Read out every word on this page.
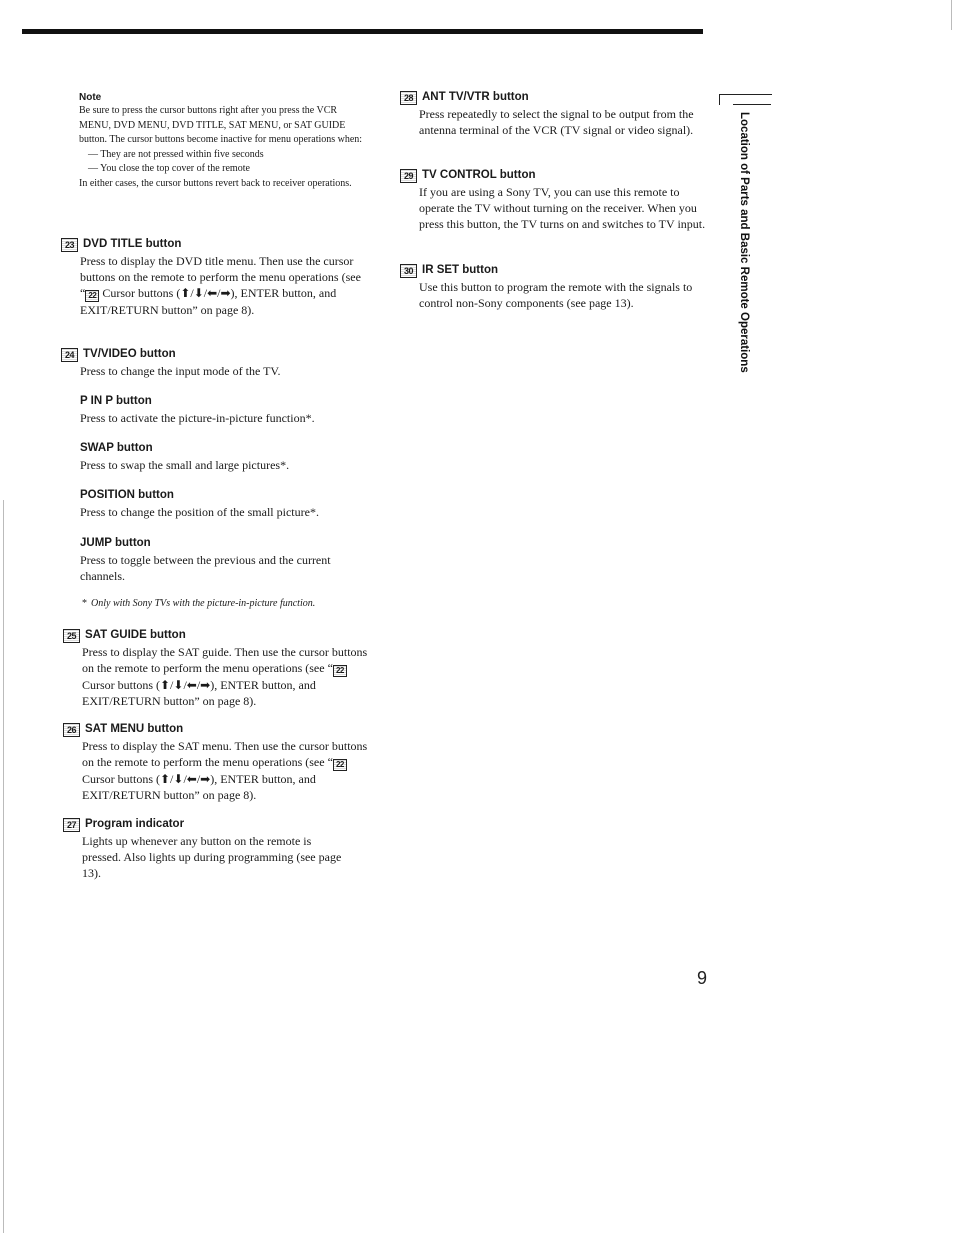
Note

Be sure to press the cursor buttons right after you press the VCR MENU, DVD MENU, DVD TITLE, SAT MENU, or SAT GUIDE button. The cursor buttons become inactive for menu operations when:

— They are not pressed within five seconds
— You close the top cover of the remote

In either cases, the cursor buttons revert back to receiver operations.

23 DVD TITLE button

Press to display the DVD title menu. Then use the cursor buttons on the remote to perform the menu operations (see “ 22 Cursor buttons (⬆/⬇/⬅/➡), ENTER button, and EXIT/RETURN button” on page 8).

24 TV/VIDEO button

Press to change the input mode of the TV.

P IN P button

Press to activate the picture-in-picture function*.

SWAP button

Press to swap the small and large pictures*.

POSITION button

Press to change the position of the small picture*.

JUMP button

Press to toggle between the previous and the current channels.

* Only with Sony TVs with the picture-in-picture function.
25 SAT GUIDE button

Press to display the SAT guide. Then use the cursor buttons on the remote to perform the menu operations (see “ 22 Cursor buttons (⬆/⬇/⬅/➡), ENTER button, and EXIT/RETURN button” on page 8).

26 SAT MENU button

Press to display the SAT menu. Then use the cursor buttons on the remote to perform the menu operations (see “ 22 Cursor buttons (⬆/⬇/⬅/➡), ENTER button, and EXIT/RETURN button” on page 8).

27 Program indicator

Lights up whenever any button on the remote is pressed. Also lights up during programming (see page 13).

28 ANT TV/VTR button

Press repeatedly to select the signal to be output from the antenna terminal of the VCR (TV signal or video signal).

29 TV CONTROL button

If you are using a Sony TV, you can use this remote to operate the TV without turning on the receiver. When you press this button, the TV turns on and switches to TV input.

30 IR SET button

Use this button to program the remote with the signals to control non-Sony components (see page 13).	Location of Parts and Basic Remote Operations
9
